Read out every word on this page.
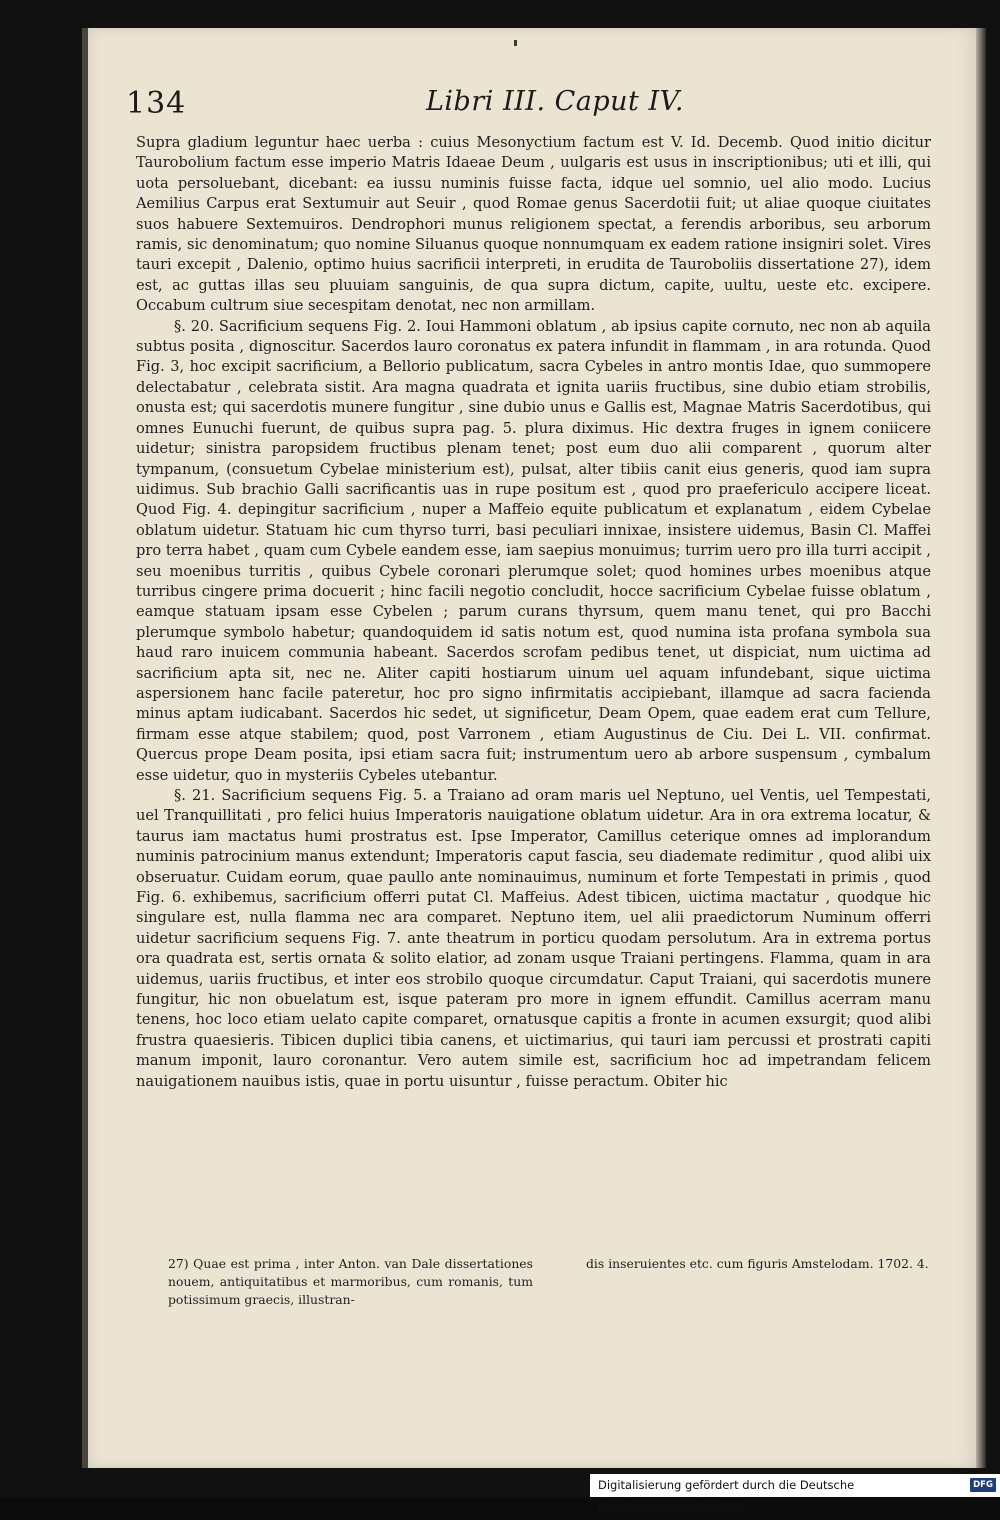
134	Libri III. Caput IV.

Supra gladium leguntur haec uerba : cuius Mesonyctium factum est V. Id. Decemb. Quod initio dicitur Taurobolium factum esse imperio Matris Idaeae Deum , uulgaris est usus in inscriptionibus; uti et illi, qui uota persoluebant, dicebant: ea iussu numinis fuisse facta, idque uel somnio, uel alio modo. Lucius Aemilius Carpus erat Sextumuir aut Seuir , quod Romae genus Sacerdotii fuit; ut aliae quoque ciuitates suos habuere Sextemuiros. Dendrophori munus religionem spectat, a ferendis arboribus, seu arborum ramis, sic denominatum; quo nomine Siluanus quoque nonnumquam ex eadem ratione insigniri solet. Vires tauri excepit , Dalenio, optimo huius sacrificii interpreti, in erudita de Tauroboliis dissertatione 27), idem est, ac guttas illas seu pluuiam sanguinis, de qua supra dictum, capite, uultu, ueste etc. excipere. Occabum cultrum siue secespitam denotat, nec non armillam.

§. 20. Sacrificium sequens Fig. 2. Ioui Hammoni oblatum , ab ipsius capite cornuto, nec non ab aquila subtus posita , dignoscitur. Sacerdos lauro coronatus ex patera infundit in flammam , in ara rotunda. Quod Fig. 3, hoc excipit sacrificium, a Bellorio publicatum, sacra Cybeles in antro montis Idae, quo summopere delectabatur , celebrata sistit. Ara magna quadrata et ignita uariis fructibus, sine dubio etiam strobilis, onusta est; qui sacerdotis munere fungitur , sine dubio unus e Gallis est, Magnae Matris Sacerdotibus, qui omnes Eunuchi fuerunt, de quibus supra pag. 5. plura diximus. Hic dextra fruges in ignem coniicere uidetur; sinistra paropsidem fructibus plenam tenet; post eum duo alii comparent , quorum alter tympanum, (consuetum Cybelae ministerium est), pulsat, alter tibiis canit eius generis, quod iam supra uidimus. Sub brachio Galli sacrificantis uas in rupe positum est , quod pro praefericulo accipere liceat. Quod Fig. 4. depingitur sacrificium , nuper a Maffeio equite publicatum et explanatum , eidem Cybelae oblatum uidetur. Statuam hic cum thyrso turri, basi peculiari innixae, insistere uidemus, Basin Cl. Maffei pro terra habet , quam cum Cybele eandem esse, iam saepius monuimus; turrim uero pro illa turri accipit , seu moenibus turritis , quibus Cybele coronari plerumque solet; quod homines urbes moenibus atque turribus cingere prima docuerit ; hinc facili negotio concludit, hocce sacrificium Cybelae fuisse oblatum , eamque statuam ipsam esse Cybelen ; parum curans thyrsum, quem manu tenet, qui pro Bacchi plerumque symbolo habetur; quandoquidem id satis notum est, quod numina ista profana symbola sua haud raro inuicem communia habeant. Sacerdos scrofam pedibus tenet, ut dispiciat, num uictima ad sacrificium apta sit, nec ne. Aliter capiti hostiarum uinum uel aquam infundebant, sique uictima aspersionem hanc facile pateretur, hoc pro signo infirmitatis accipiebant, illamque ad sacra facienda minus aptam iudicabant. Sacerdos hic sedet, ut significetur, Deam Opem, quae eadem erat cum Tellure, firmam esse atque stabilem; quod, post Varronem , etiam Augustinus de Ciu. Dei L. VII. confirmat. Quercus prope Deam posita, ipsi etiam sacra fuit; instrumentum uero ab arbore suspensum , cymbalum esse uidetur, quo in mysteriis Cybeles utebantur.

§. 21. Sacrificium sequens Fig. 5. a Traiano ad oram maris uel Neptuno, uel Ventis, uel Tempestati, uel Tranquillitati , pro felici huius Imperatoris nauigatione oblatum uidetur. Ara in ora extrema locatur, & taurus iam mactatus humi prostratus est. Ipse Imperator, Camillus ceterique omnes ad implorandum numinis patrocinium manus extendunt; Imperatoris caput fascia, seu diademate redimitur , quod alibi uix obseruatur. Cuidam eorum, quae paullo ante nominauimus, numinum et forte Tempestati in primis , quod Fig. 6. exhibemus, sacrificium offerri putat Cl. Maffeius. Adest tibicen, uictima mactatur , quodque hic singulare est, nulla flamma nec ara comparet. Neptuno item, uel alii praedictorum Numinum offerri uidetur sacrificium sequens Fig. 7. ante theatrum in porticu quodam persolutum. Ara in extrema portus ora quadrata est, sertis ornata & solito elatior, ad zonam usque Traiani pertingens. Flamma, quam in ara uidemus, uariis fructibus, et inter eos strobilo quoque circumdatur. Caput Traiani, qui sacerdotis munere fungitur, hic non obuelatum est, isque pateram pro more in ignem effundit. Camillus acerram manu tenens, hoc loco etiam uelato capite comparet, ornatusque capitis a fronte in acumen exsurgit; quod alibi frustra quaesieris. Tibicen duplici tibia canens, et uictimarius, qui tauri iam percussi et prostrati capiti manum imponit, lauro coronantur. Vero autem simile est, sacrificium hoc ad impetrandam felicem nauigationem nauibus istis, quae in portu uisuntur , fuisse peractum. Obiter hic

27) Quae est prima , inter Anton. van Dale dissertationes nouem, antiquitatibus et marmoribus, cum romanis, tum potissimum graecis, illustran-
dis inseruientes etc. cum figuris Amstelodam. 1702. 4.
Digitalisierung gefördert durch die Deutsche Forschungsgemeinschaft ·
DFG
